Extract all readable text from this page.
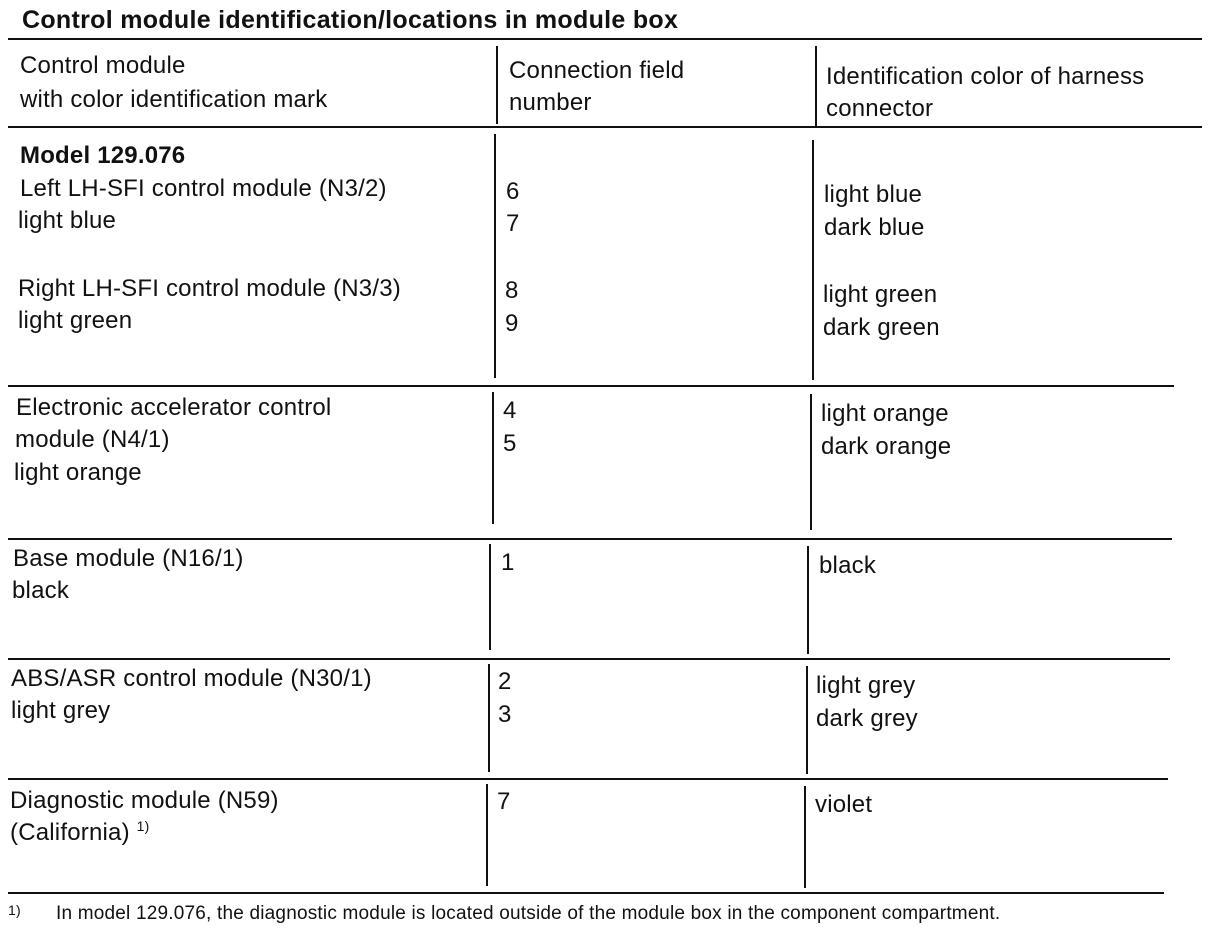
Control module identification/locations in module box
Control module
with color identification mark
Connection field
number
Identification color of harness
connector
Model 129.076
Left LH-SFI control module (N3/2)
light blue
6
7
light blue
dark blue
Right LH-SFI control module (N3/3)
light green
8
9
light green
dark green
Electronic accelerator control
module (N4/1)
light orange
4
5
light orange
dark orange
Base module (N16/1)
black
1	black
ABS/ASR control module (N30/1)
light grey
2
3
light grey
dark grey
Diagnostic module (N59)
(California) $^{1)}$
7	violet
1) In model 129.076, the diagnostic module is located outside of the module box in the component compartment.
